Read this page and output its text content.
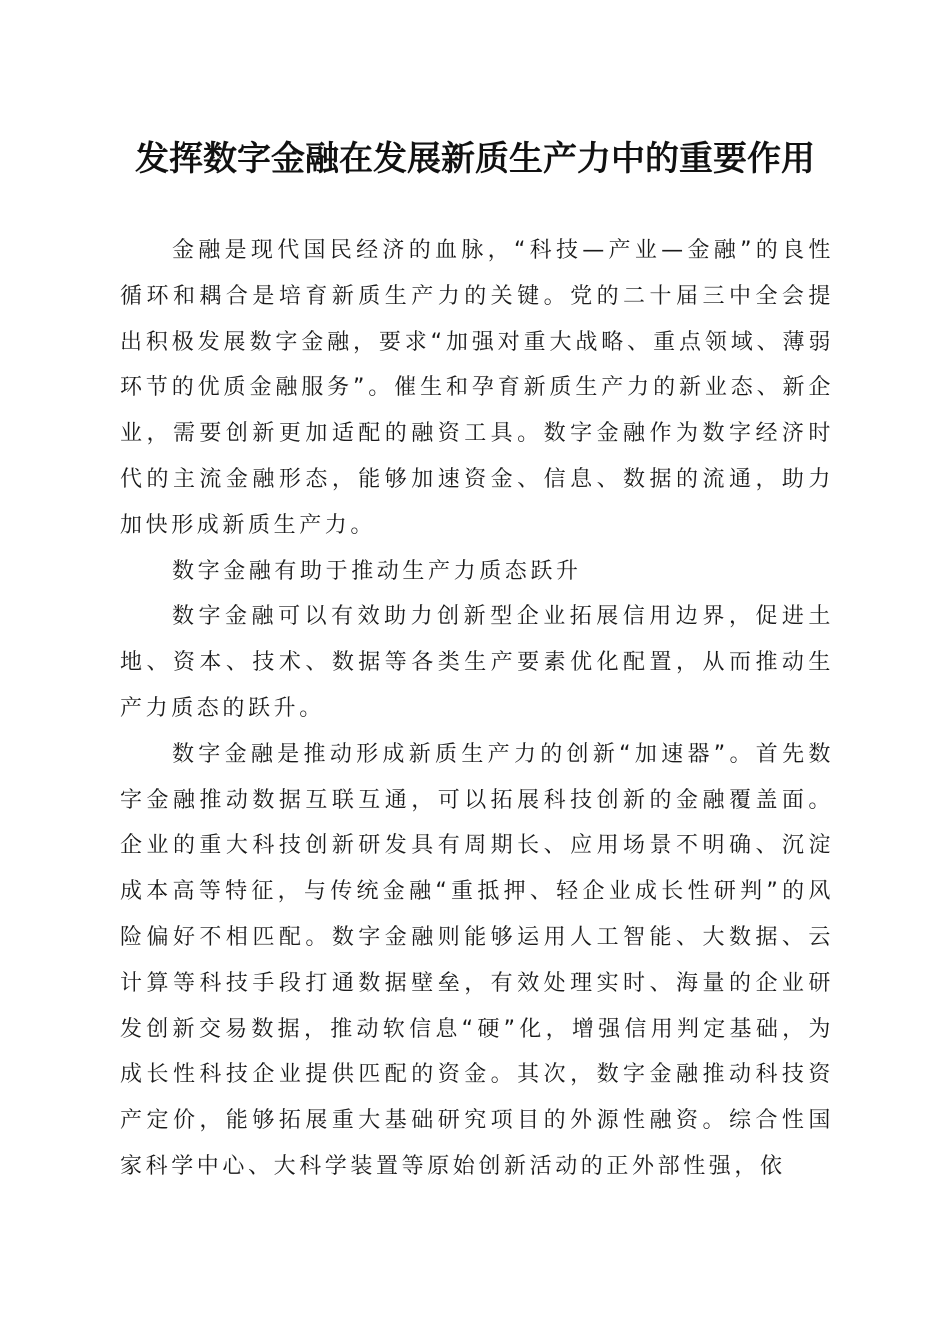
发挥数字金融在发展新质生产力中的重要作用

金融是现代国民经济的血脉，“科技—产业—金融”的良性循环和耦合是培育新质生产力的关键。党的二十届三中全会提出积极发展数字金融，要求“加强对重大战略、重点领域、薄弱环节的优质金融服务”。催生和孕育新质生产力的新业态、新企业，需要创新更加适配的融资工具。数字金融作为数字经济时代的主流金融形态，能够加速资金、信息、数据的流通，助力加快形成新质生产力。

数字金融有助于推动生产力质态跃升

数字金融可以有效助力创新型企业拓展信用边界，促进土地、资本、技术、数据等各类生产要素优化配置，从而推动生产力质态的跃升。

数字金融是推动形成新质生产力的创新“加速器”。首先数字金融推动数据互联互通，可以拓展科技创新的金融覆盖面。企业的重大科技创新研发具有周期长、应用场景不明确、沉淀成本高等特征，与传统金融“重抵押、轻企业成长性研判”的风险偏好不相匹配。数字金融则能够运用人工智能、大数据、云计算等科技手段打通数据壁垒，有效处理实时、海量的企业研发创新交易数据，推动软信息“硬”化，增强信用判定基础，为成长性科技企业提供匹配的资金。其次，数字金融推动科技资产定价，能够拓展重大基础研究项目的外源性融资。综合性国家科学中心、大科学装置等原始创新活动的正外部性强，依
